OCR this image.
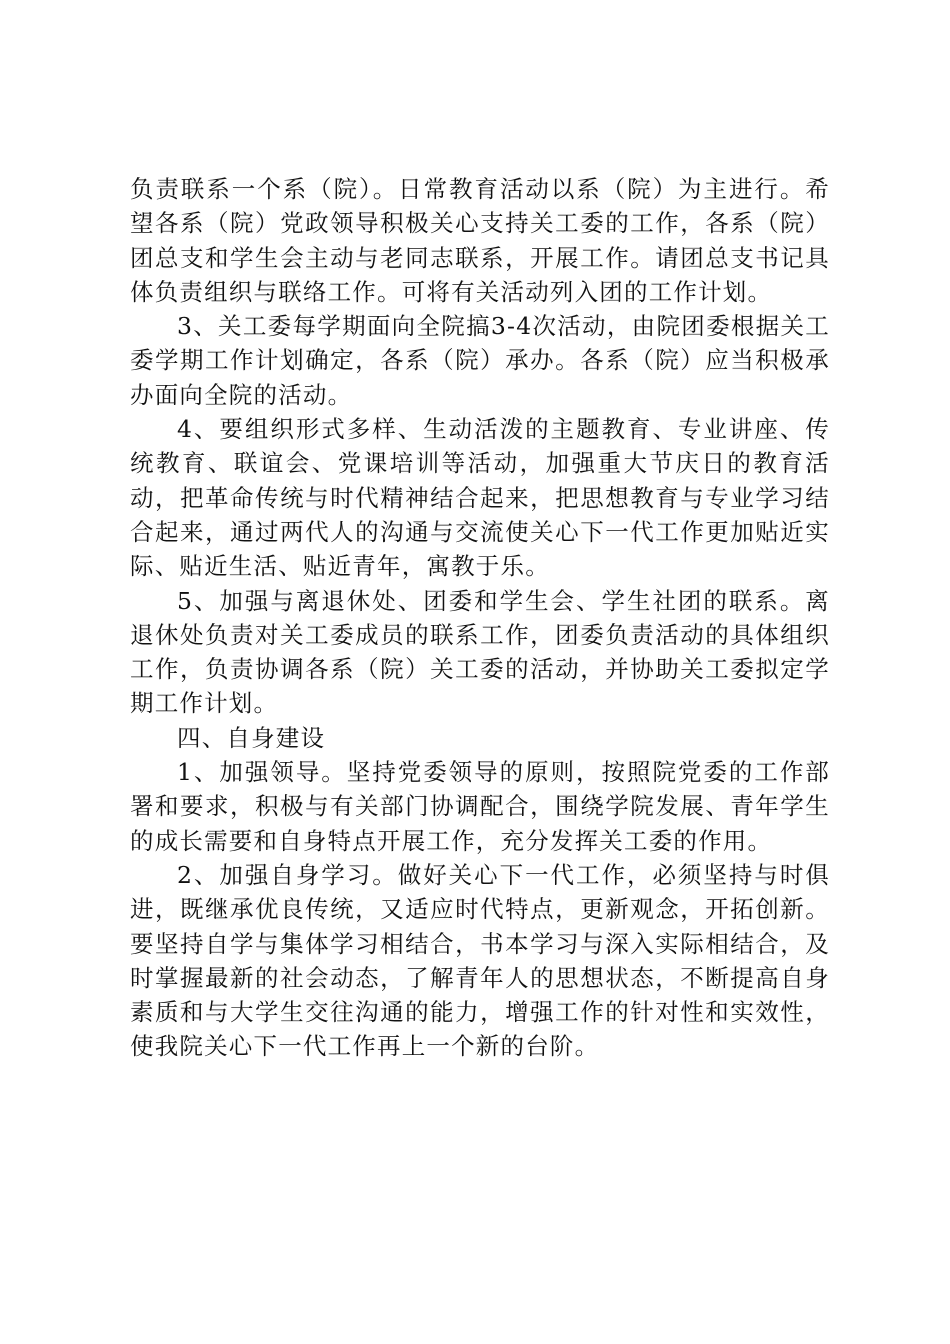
负责联系一个系（院）。日常教育活动以系（院）为主进行。希望各系（院）党政领导积极关心支持关工委的工作，各系（院）团总支和学生会主动与老同志联系，开展工作。请团总支书记具体负责组织与联络工作。可将有关活动列入团的工作计划。

3、关工委每学期面向全院搞3-4次活动，由院团委根据关工委学期工作计划确定，各系（院）承办。各系（院）应当积极承办面向全院的活动。

4、要组织形式多样、生动活泼的主题教育、专业讲座、传统教育、联谊会、党课培训等活动，加强重大节庆日的教育活动，把革命传统与时代精神结合起来，把思想教育与专业学习结合起来，通过两代人的沟通与交流使关心下一代工作更加贴近实际、贴近生活、贴近青年，寓教于乐。

5、加强与离退休处、团委和学生会、学生社团的联系。离退休处负责对关工委成员的联系工作，团委负责活动的具体组织工作，负责协调各系（院）关工委的活动，并协助关工委拟定学期工作计划。

四、自身建设

1、加强领导。坚持党委领导的原则，按照院党委的工作部署和要求，积极与有关部门协调配合，围绕学院发展、青年学生的成长需要和自身特点开展工作，充分发挥关工委的作用。

2、加强自身学习。做好关心下一代工作，必须坚持与时俱进，既继承优良传统，又适应时代特点，更新观念，开拓创新。要坚持自学与集体学习相结合，书本学习与深入实际相结合，及时掌握最新的社会动态，了解青年人的思想状态，不断提高自身素质和与大学生交往沟通的能力，增强工作的针对性和实效性，使我院关心下一代工作再上一个新的台阶。
